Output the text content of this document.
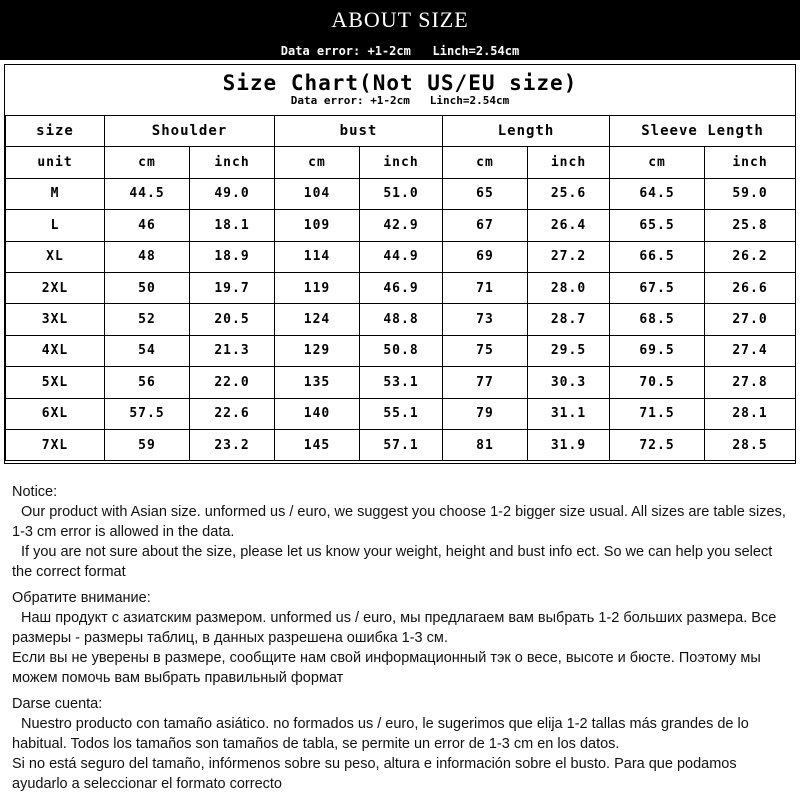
ABOUT SIZE
Data error: +1-2cm   Linch=2.54cm
Size Chart(Not US/EU size)
Data error: +1-2cm   Linch=2.54cm
size	Shoulder		bust		Length		Sleeve Length	
unit	cm	inch	cm	inch	cm	inch	cm	inch
M	44.5	49.0	104	51.0	65	25.6	64.5	59.0
L	46	18.1	109	42.9	67	26.4	65.5	25.8
XL	48	18.9	114	44.9	69	27.2	66.5	26.2
2XL	50	19.7	119	46.9	71	28.0	67.5	26.6
3XL	52	20.5	124	48.8	73	28.7	68.5	27.0
4XL	54	21.3	129	50.8	75	29.5	69.5	27.4
5XL	56	22.0	135	53.1	77	30.3	70.5	27.8
6XL	57.5	22.6	140	55.1	79	31.1	71.5	28.1
7XL	59	23.2	145	57.1	81	31.9	72.5	28.5

Notice:

Our product with Asian size. unformed us / euro, we suggest you choose 1-2 bigger size usual. All sizes are table sizes, 1-3 cm error is allowed in the data.

If you are not sure about the size, please let us know your weight, height and bust info ect. So we can help you select the correct format

Обратите внимание:

Наш продукт с азиатским размером. unformed us / euro, мы предлагаем вам выбрать 1-2 больших размера. Все размеры - размеры таблиц, в данных разрешена ошибка 1-3 см.

Если вы не уверены в размере, сообщите нам свой информационный тэк о весе, высоте и бюсте. Поэтому мы можем помочь вам выбрать правильный формат

Darse cuenta:

Nuestro producto con tamaño asiático. no formados us / euro, le sugerimos que elija 1-2 tallas más grandes de lo habitual. Todos los tamaños son tamaños de tabla, se permite un error de 1-3 cm en los datos.

Si no está seguro del tamaño, infórmenos sobre su peso, altura e información sobre el busto. Para que podamos ayudarlo a seleccionar el formato correcto
